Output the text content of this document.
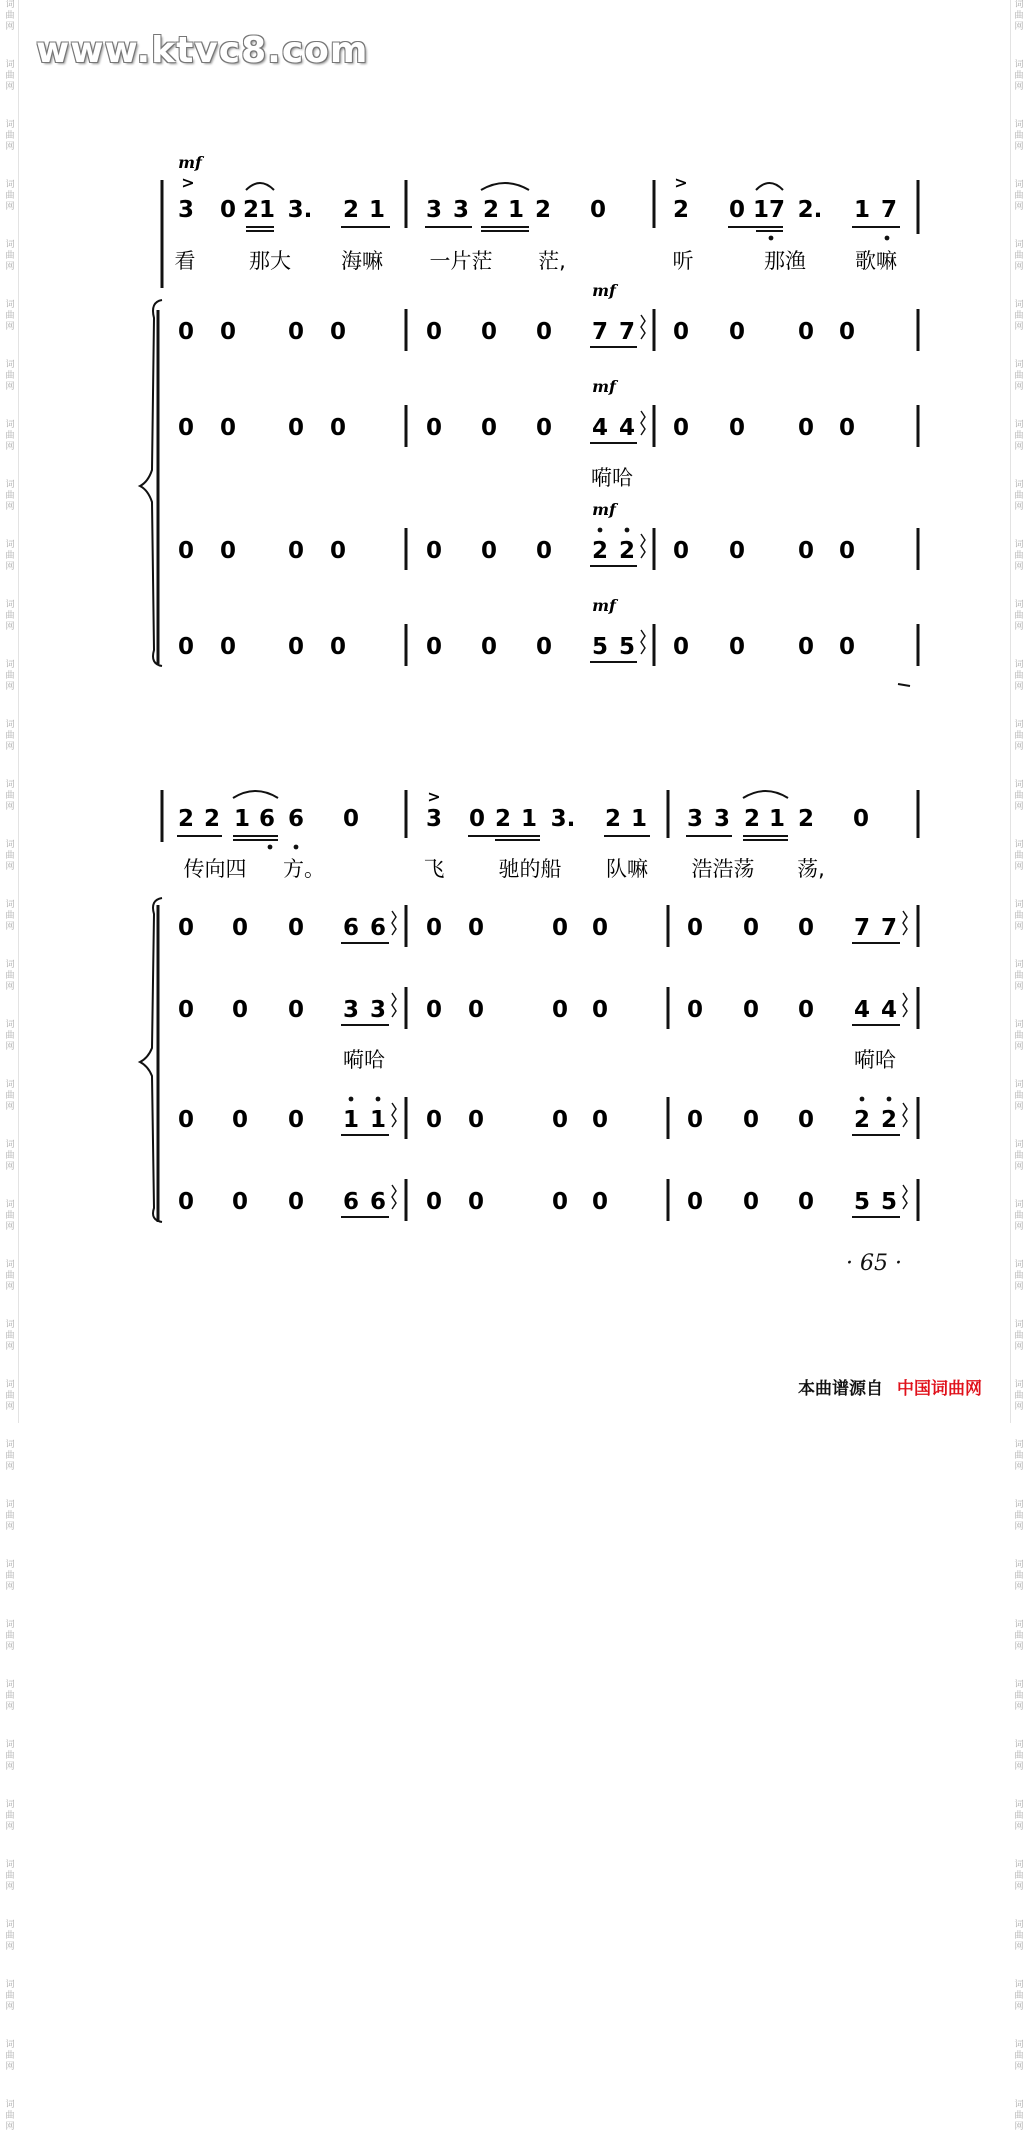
词
曲
网
词
曲
网
词
曲
网
词
曲
网
词
曲
网
词
曲
网
词
曲
网
词
曲
网
词
曲
网
词
曲
网
词
曲
网
词
曲
网
词
曲
网
词
曲
网
词
曲
网
词
曲
网
词
曲
网
词
曲
网
词
曲
网
词
曲
网
词
曲
网
词
曲
网
词
曲
网
词
曲
网
词
曲
网
词
曲
网
词
曲
网
词
曲
网
词
曲
网
词
曲
网
词
曲
网
词
曲
网
词
曲
网
词
曲
网
词
曲
网
词
曲
网
词
曲
网
词
曲
网
词
曲
网
词
曲
网
词
曲
网
词
曲
网
词
曲
网
词
曲
网
词
曲
网
词
曲
网
词
曲
网
词
曲
网
词
曲
网
词
曲
网
词
曲
网
词
曲
网
词
曲
网
词
曲
网
词
曲
网
词
曲
网
词
曲
网
词
曲
网
词
曲
网
词
曲
网
词
曲
网
词
曲
网
词
曲
网
词
曲
网
词
曲
网
词
曲
网
词
曲
网
词
曲
网
词
曲
网
词
曲
网
词
曲
网
词
曲
网
www.ktvc8.com
mf
>	>
3 0 21 3. 2 1 3 3 2 1 2 0	2 0 17 2. 1 7
看	那大 海嘛 一片茫 茫,	听	那渔 歌嘛
mf
0 0 0 0	0 0 0 7 7 0 0 0 0
mf
0 0 0 0	0 0 0 4 4 0 0 0 0
嗬哈
mf
0 0 0 0	0 0 0 2 2 0 0 0 0
mf
0 0 0 0	0 0 0 5 5 0 0 0 0
2 2 1 6 6 0	3 0 2 1 3. 2 1 3 3 2 1 2 0
>
传向四 方。	飞	驰的船 队嘛 浩浩荡 荡,
0 0 0 6 6 0 0	0 0	0 0 0 7 7
0 0 0 3 3 0 0	0 0	0 0 0 4 4
嗬哈	嗬哈
0 0 0 1 1 0 0	0 0	0 0 0 2 2
0 0 0 6 6 0 0	0 0	0 0 0 5 5
· 65 ·
本曲谱源自 中国词曲网
